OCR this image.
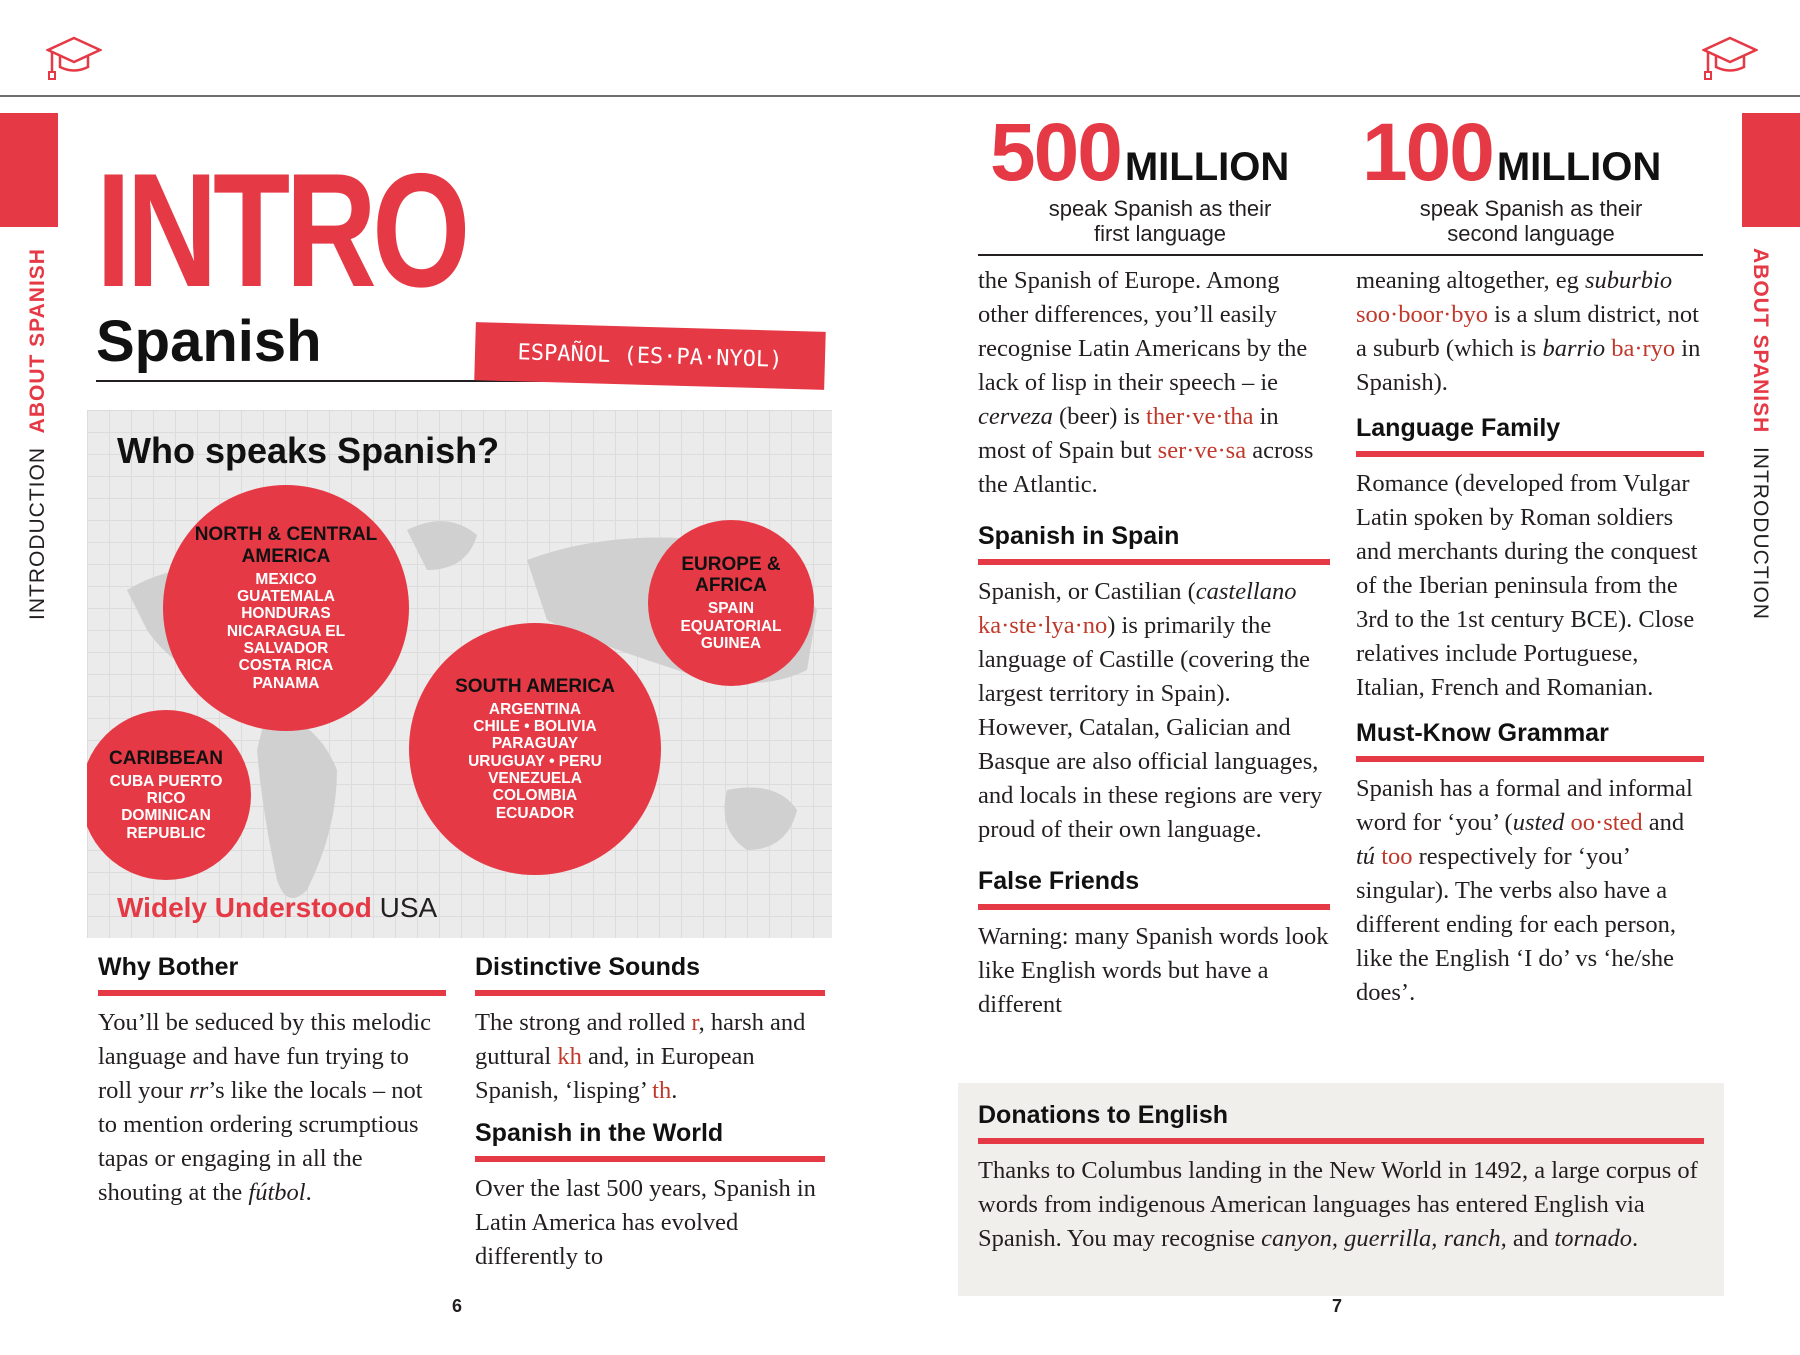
INTRODUCTION  ABOUT SPANISH	ABOUT SPANISH  INTRODUCTION
INTRO
Spanish	ESPAÑOL (ES·PA·NYOL)
Who speaks Spanish?
NORTH & CENTRAL AMERICA
MEXICO GUATEMALA HONDURAS NICARAGUA EL SALVADOR COSTA RICA PANAMA
EUROPE & AFRICA
SPAIN EQUATORIAL GUINEA
SOUTH AMERICA
ARGENTINA CHILE • BOLIVIA PARAGUAY URUGUAY • PERU VENEZUELA COLOMBIA ECUADOR
CARIBBEAN
CUBA PUERTO RICO DOMINICAN REPUBLIC
Widely Understood USA
Why Bother

You’ll be seduced by this melodic language and have fun trying to roll your rr’s like the locals – not to mention ordering scrumptious tapas or engaging in all the shouting at the fútbol.

Distinctive Sounds

The strong and rolled r, harsh and guttural kh and, in European Spanish, ‘lisping’ th.

Spanish in the World

Over the last 500 years, Spanish in Latin America has evolved differently to

6
500 MILLION
speak Spanish as their
first language
100 MILLION
speak Spanish as their
second language

the Spanish of Europe. Among other differences, you’ll easily recognise Latin Americans by the lack of lisp in their speech – ie cerveza (beer) is ther·ve·tha in most of Spain but ser·ve·sa across the Atlantic.

Spanish in Spain

Spanish, or Castilian (castellano ka·ste·lya·no) is primarily the language of Castille (covering the largest territory in Spain). However, Catalan, Galician and Basque are also official languages, and locals in these regions are very proud of their own language.

False Friends

Warning: many Spanish words look like English words but have a different

meaning altogether, eg suburbio soo·boor·byo is a slum district, not a suburb (which is barrio ba·ryo in Spanish).

Language Family

Romance (developed from Vulgar Latin spoken by Roman soldiers and merchants during the conquest of the Iberian peninsula from the 3rd to the 1st century BCE). Close relatives include Portuguese, Italian, French and Romanian.

Must-Know Grammar

Spanish has a formal and informal word for ‘you’ (usted oo·sted and tú too respectively for ‘you’ singular). The verbs also have a different ending for each person, like the English ‘I do’ vs ‘he/she does’.

Donations to English

Thanks to Columbus landing in the New World in 1492, a large corpus of words from indigenous American languages has entered English via Spanish. You may recognise canyon, guerrilla, ranch, and tornado.

7
